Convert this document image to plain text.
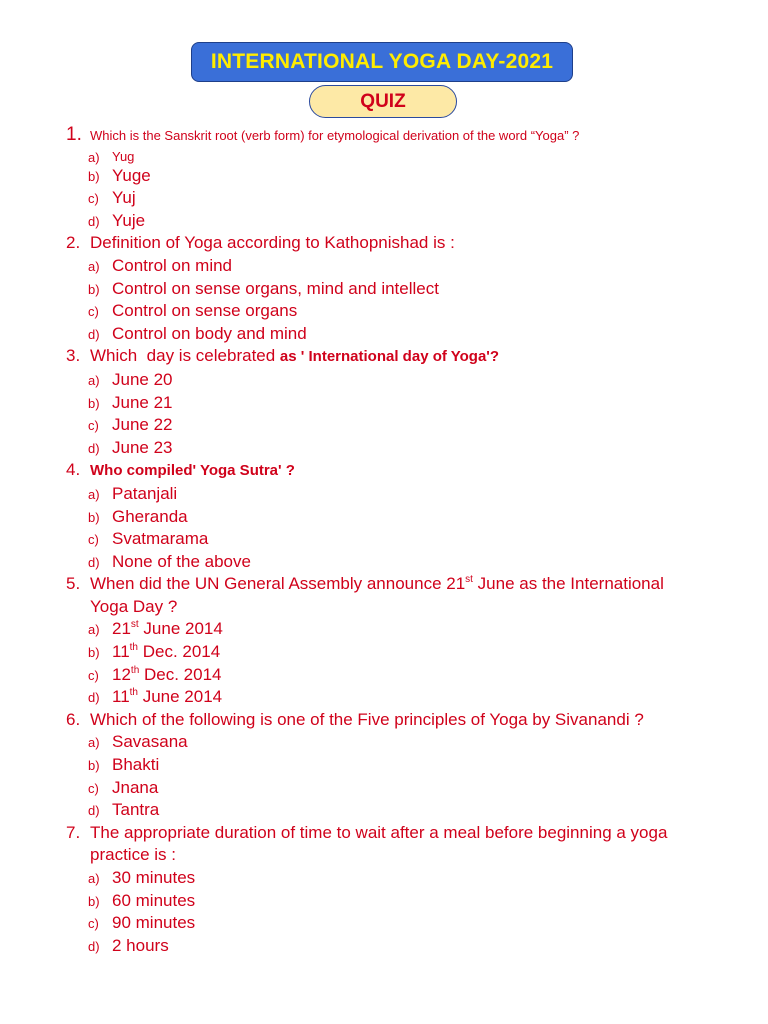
INTERNATIONAL YOGA DAY-2021
QUIZ
1. Which is the Sanskrit root (verb form) for etymological derivation of the word “Yoga” ?
a) Yug
b) Yuge
c) Yuj
d) Yuje
2. Definition of Yoga according to Kathopnishad is :
a) Control on mind
b) Control on sense organs, mind and intellect
c) Control on sense organs
d) Control on body and mind
3. Which  day is celebrated as ' International day of Yoga'?
a) June 20
b) June 21
c) June 22
d) June 23
4. Who compiled' Yoga Sutra' ?
a) Patanjali
b) Gheranda
c) Svatmarama
d) None of the above
5. When did the UN General Assembly announce 21st June as the International
Yoga Day ?
a) 21st June 2014
b) 11th Dec. 2014
c) 12th Dec. 2014
d) 11th June 2014
6. Which of the following is one of the Five principles of Yoga by Sivanandi ?
a) Savasana
b) Bhakti
c) Jnana
d) Tantra
7. The appropriate duration of time to wait after a meal before beginning a yoga
practice is :
a) 30 minutes
b) 60 minutes
c) 90 minutes
d) 2 hours
